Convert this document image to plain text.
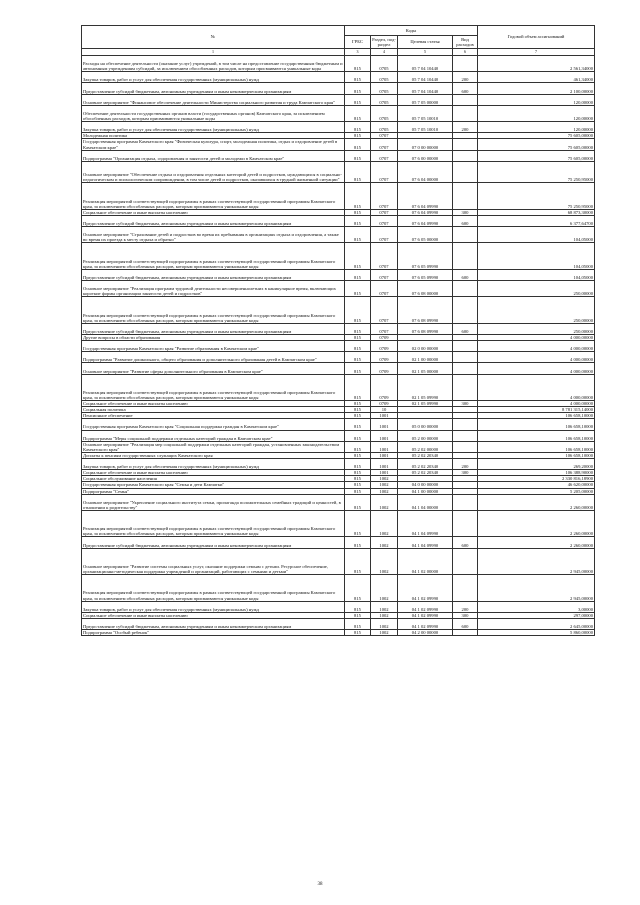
№	Коды				Годовой объем ассигнований
	ГРБС	Раздел, под-раздел	Целевая статья	Вид расходов	
1	3	4	5	6	7
Расходы на обеспечение деятельности (оказание услуг) учреждений, в том числе на предоставление государственным бюджетным и автономным учреждениям субсидий, за исключением обособленных расходов, которым присваиваются уникальные коды	815	0705	05 7 04 10440		2 561,34000
Закупка товаров, работ и услуг для обеспечения государственных (муниципальных) нужд	815	0705	05 7 04 10440	200	461,34000
Предоставление субсидий бюджетным, автономным учреждениям и иным некоммерческим организациям	815	0705	05 7 04 10440	600	2 100,00000
Основное мероприятие "Финансовое обеспечение деятельности Министерства социального развития и труда Камчатского края"	815	0705	05 7 05 00000		120,00000
Обеспечение деятельности государственных органов власти (государственных органов) Камчатского края, за исключением обособленных расходов, которым присваиваются уникальные коды	815	0705	05 7 05 10010		120,00000
Закупка товаров, работ и услуг для обеспечения государственных (муниципальных) нужд	815	0705	05 7 05 10010	200	120,00000
Молодежная политика	815	0707			75 605,00000
Государственная программа Камчатского края "Физическая культура, спорт, молодежная политика, отдых и оздоровление детей в Камчатском крае"	815	0707	07 0 00 00000		75 605,00000
Подпрограмма "Организация отдыха, оздоровления и занятости детей и молодежи в Камчатском крае"	815	0707	07 6 00 00000		75 605,00000
Основное мероприятие "Обеспечение отдыха и оздоровления отдельных категорий детей и подростков, нуждающихся в социально-педагогическом и психологическом сопровождении, в том числе детей и подростков, оказавшихся в трудной жизненной ситуации"	815	0707	07 6 04 00000		75 250,95000
Реализация мероприятий соответствующей подпрограммы в рамках соответствующей государственной программы Камчатского края, за исключением обособленных расходов, которым присваиваются уникальные коды	815	0707	07 6 04 09990		75 250,95000
Социальное обеспечение и иные выплаты населению	815	0707	07 6 04 09990	300	68 873,30000
Предоставление субсидий бюджетным, автономным учреждениям и иным некоммерческим организациям	815	0707	07 6 04 09990	600	6 377,64700
Основное мероприятие "Страхование детей и подростков во время их пребывания в организациях отдыха и оздоровления, а также во время их проезда к месту отдыха и обратно"	815	0707	07 6 05 00000		104,05000
Реализация мероприятий соответствующей подпрограммы в рамках соответствующей государственной программы Камчатского края, за исключением обособленных расходов, которым присваиваются уникальные коды	815	0707	07 6 05 09990		104,05000
Предоставление субсидий бюджетным, автономным учреждениям и иным некоммерческим организациям	815	0707	07 6 05 09990	600	104,05000
Основное мероприятие "Реализация программ трудовой деятельности несовершеннолетних в каникулярное время, включающих короткие формы организации занятости детей и подростков"	815	0707	07 6 08 00000		250,00000
Реализация мероприятий соответствующей подпрограммы в рамках соответствующей государственной программы Камчатского края, за исключением обособленных расходов, которым присваиваются уникальные коды	815	0707	07 6 08 09990		250,00000
Предоставление субсидий бюджетным, автономным учреждениям и иным некоммерческим организациям	815	0707	07 6 08 09990	600	250,00000
Другие вопросы в области образования	815	0709			4 000,00000
Государственная программа Камчатского края "Развитие образования в Камчатском крае"	815	0709	02 0 00 00000		4 000,00000
Подпрограмма "Развитие дошкольного, общего образования и дополнительного образования детей в Камчатском крае"	815	0709	02 1 00 00000		4 000,00000
Основное мероприятие "Развитие сферы дополнительного образования в Камчатском крае"	815	0709	02 1 05 00000		4 000,00000
Реализация мероприятий соответствующей подпрограммы в рамках соответствующей государственной программы Камчатского края, за исключением обособленных расходов, которым присваиваются уникальные коды	815	0709	02 1 05 09990		4 000,00000
Социальное обеспечение и иные выплаты населению	815	0709	02 1 05 09990	300	4 000,00000
Социальная политика	815	10			8 781 315,14000
Пенсионное обеспечение	815	1001			106 658,10000
Государственная программа Камчатского края "Социальная поддержка граждан в Камчатском крае"	815	1001	05 0 00 00000		106 658,10000
Подпрограмма "Меры социальной поддержки отдельных категорий граждан в Камчатском крае"	815	1001	05 2 00 00000		106 658,10000
Основное мероприятие "Реализация мер социальной поддержки отдельных категорий граждан, установленных законодательством Камчатского края"	815	1001	05 2 02 00000		106 658,10000
Доплаты к пенсиям государственных служащих Камчатского края	815	1001	05 2 02 20340		106 658,10000
Закупка товаров, работ и услуг для обеспечения государственных (муниципальных) нужд	815	1001	05 2 02 20340	200	269,20000
Социальное обеспечение и иные выплаты населению	815	1001	05 2 02 20340	300	106 388,90000
Социальное обслуживание населения	815	1002			2 330 816,18900
Государственная программа Камчатского края "Семья и дети Камчатки"	815	1002	04 0 00 00000		46 620,00000
Подпрограмма "Семья"	815	1002	04 1 00 00000		5 205,00000
Основное мероприятие "Укрепление социального института семьи, пропаганда положительных семейных традиций и ценностей, в отношении к родительству"	815	1002	04 1 04 00000		2 260,00000
Реализация мероприятий соответствующей подпрограммы в рамках соответствующей государственной программы Камчатского края, за исключением обособленных расходов, которым присваиваются уникальные коды	815	1002	04 1 04 09990		2 260,00000
Предоставление субсидий бюджетным, автономным учреждениям и иным некоммерческим организациям	815	1002	04 1 04 09990	600	2 260,00000
Основное мероприятие "Развитие системы социальных услуг, оказание поддержки семьям с детьми. Ресурсное обеспечение, организационно-методическая поддержка учреждений и организаций, работающих с семьями и детьми"	815	1002	04 1 02 00000		2 945,00000
Реализация мероприятий соответствующей подпрограммы в рамках соответствующей государственной программы Камчатского края, за исключением обособленных расходов, которым присваиваются уникальные коды	815	1002	04 1 02 09990		2 945,00000
Закупка товаров, работ и услуг для обеспечения государственных (муниципальных) нужд	815	1002	04 1 02 09990	200	3,00000
Социальное обеспечение и иные выплаты населению	815	1002	04 1 02 09990	300	297,00000
Предоставление субсидий бюджетным, автономным учреждениям и иным некоммерческим организациям	815	1002	04 1 02 09990	600	2 645,00000
Подпрограмма "Особый ребенок"	815	1002	04 2 00 00000		5 860,00000
38
